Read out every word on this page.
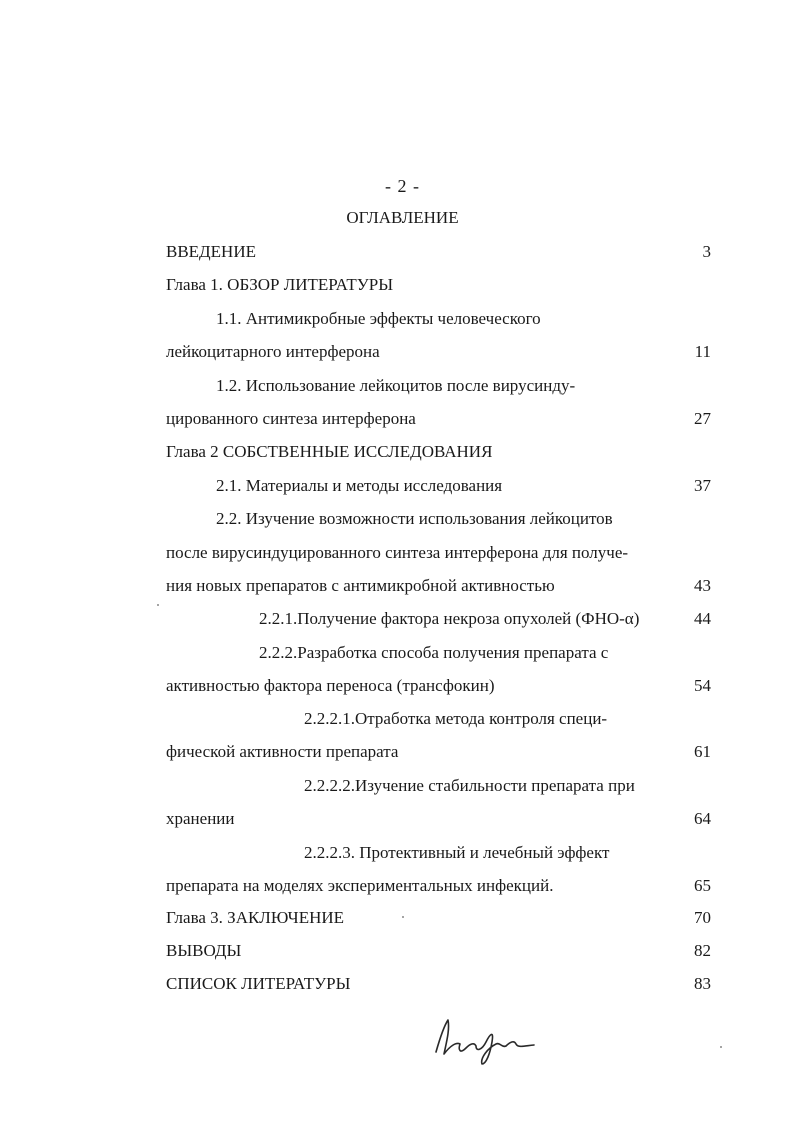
- 2 -
ОГЛАВЛЕНИЕ
ВВЕДЕНИЕ	3
Глава 1. ОБЗОР ЛИТЕРАТУРЫ
1.1. Антимикробные эффекты человеческого
лейкоцитарного интерферона	11
1.2. Использование лейкоцитов после вирусинду-
цированного синтеза интерферона	27
Глава 2 СОБСТВЕННЫЕ ИССЛЕДОВАНИЯ
2.1. Материалы и методы исследования	37
2.2. Изучение возможности использования лейкоцитов
после вирусиндуцированного синтеза интерферона для получе-
ния новых препаратов с антимикробной активностью	43
2.2.1.Получение фактора некроза опухолей (ФНО-α)	44
2.2.2.Разработка способа получения препарата с
активностью фактора переноса (трансфокин)	54
2.2.2.1.Отработка метода контроля специ-
фической активности препарата	61
2.2.2.2.Изучение стабильности препарата при
хранении	64
2.2.2.3. Протективный и лечебный эффект
препарата на моделях экспериментальных инфекций.	65
Глава 3. ЗАКЛЮЧЕНИЕ	70
ВЫВОДЫ	82
СПИСОК ЛИТЕРАТУРЫ	83
